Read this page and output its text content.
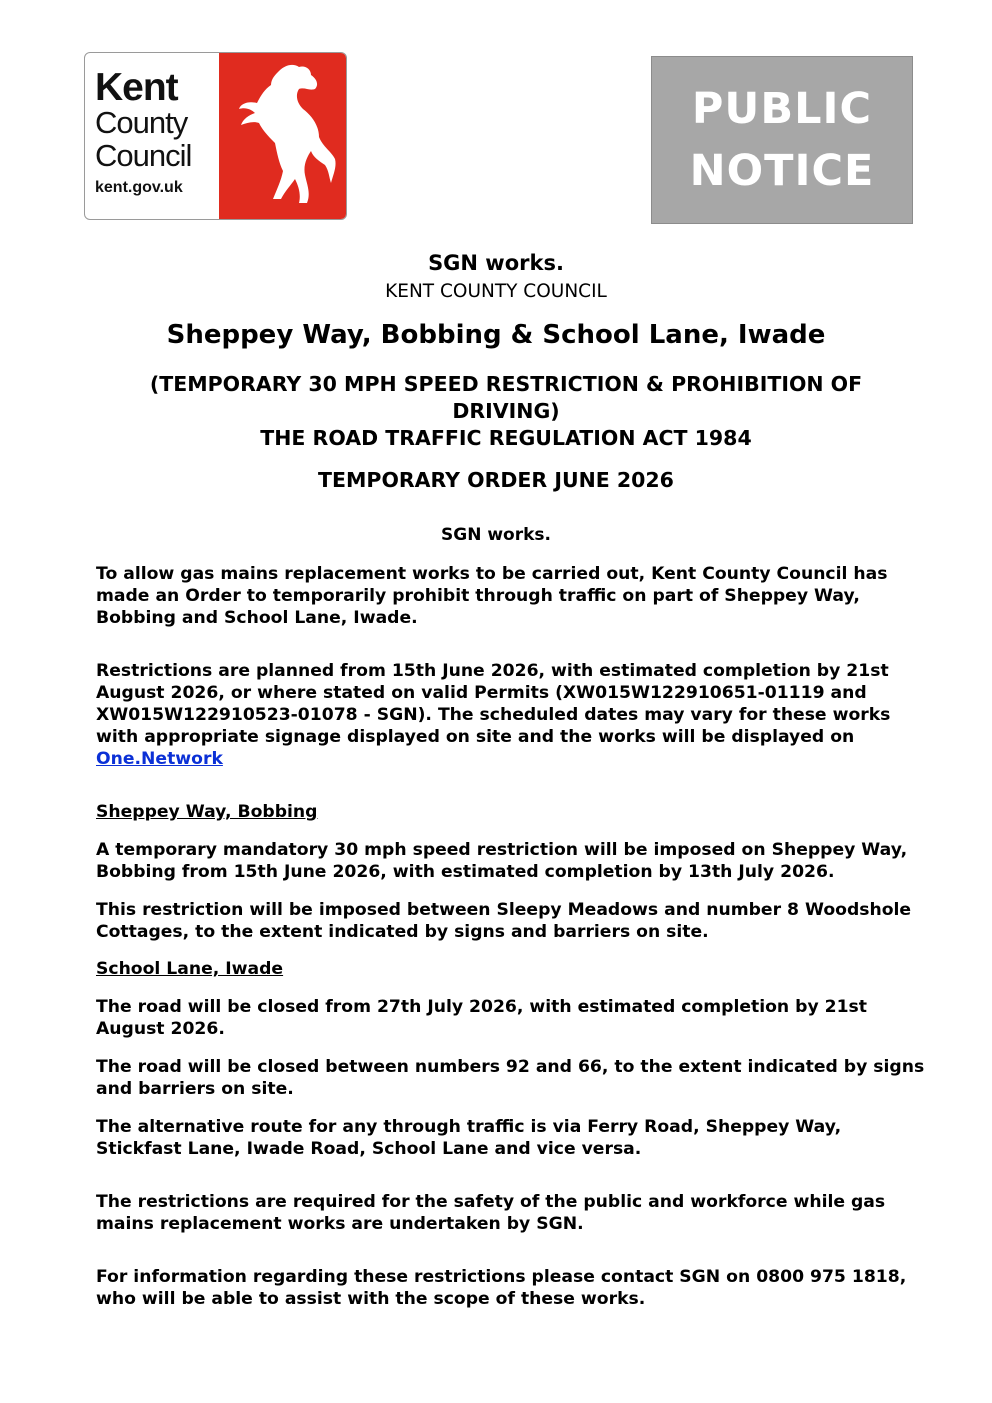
Kent
County
Council
kent.gov.uk
PUBLIC
NOTICE
SGN works.
KENT COUNTY COUNCIL
Sheppey Way, Bobbing & School Lane, Iwade
(TEMPORARY 30 MPH SPEED RESTRICTION & PROHIBITION OF DRIVING)
THE ROAD TRAFFIC REGULATION ACT 1984
TEMPORARY ORDER JUNE 2026
SGN works.

To allow gas mains replacement works to be carried out, Kent County Council has made an Order to temporarily prohibit through traffic on part of Sheppey Way, Bobbing and School Lane, Iwade.

Restrictions are planned from 15th June 2026, with estimated completion by 21st August 2026, or where stated on valid Permits (XW015W122910651-01119 and XW015W122910523-01078 - SGN). The scheduled dates may vary for these works with appropriate signage displayed on site and the works will be displayed on One.Network

Sheppey Way, Bobbing

A temporary mandatory 30 mph speed restriction will be imposed on Sheppey Way, Bobbing from 15th June 2026, with estimated completion by 13th July 2026.

This restriction will be imposed between Sleepy Meadows and number 8 Woodshole Cottages, to the extent indicated by signs and barriers on site.

School Lane, Iwade

The road will be closed from 27th July 2026, with estimated completion by 21st August 2026.

The road will be closed between numbers 92 and 66, to the extent indicated by signs and barriers on site.

The alternative route for any through traffic is via Ferry Road, Sheppey Way, Stickfast Lane, Iwade Road, School Lane and vice versa.

The restrictions are required for the safety of the public and workforce while gas mains replacement works are undertaken by SGN.

For information regarding these restrictions please contact SGN on 0800 975 1818, who will be able to assist with the scope of these works.
